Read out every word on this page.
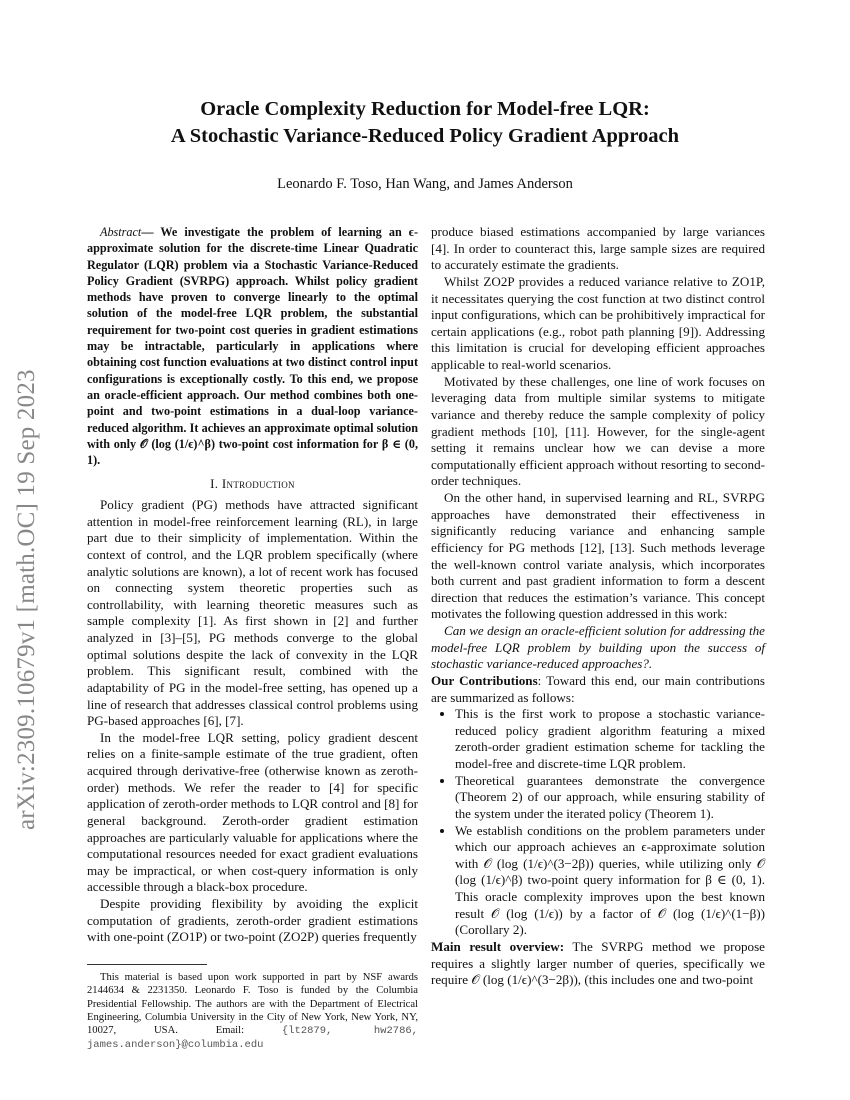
arXiv:2309.10679v1 [math.OC] 19 Sep 2023
Oracle Complexity Reduction for Model-free LQR:
A Stochastic Variance-Reduced Policy Gradient Approach
Leonardo F. Toso, Han Wang, and James Anderson

Abstract— We investigate the problem of learning an ϵ-approximate solution for the discrete-time Linear Quadratic Regulator (LQR) problem via a Stochastic Variance-Reduced Policy Gradient (SVRPG) approach. Whilst policy gradient methods have proven to converge linearly to the optimal solution of the model-free LQR problem, the substantial requirement for two-point cost queries in gradient estimations may be intractable, particularly in applications where obtaining cost function evaluations at two distinct control input configurations is exceptionally costly. To this end, we propose an oracle-efficient approach. Our method combines both one-point and two-point estimations in a dual-loop variance-reduced algorithm. It achieves an approximate optimal solution with only 𝒪 (log (1/ϵ)^β) two-point cost information for β ∈ (0, 1).

I. Introduction

Policy gradient (PG) methods have attracted significant attention in model-free reinforcement learning (RL), in large part due to their simplicity of implementation. Within the context of control, and the LQR problem specifically (where analytic solutions are known), a lot of recent work has focused on connecting system theoretic properties such as controllability, with learning theoretic measures such as sample complexity [1]. As first shown in [2] and further analyzed in [3]–[5], PG methods converge to the global optimal solutions despite the lack of convexity in the LQR problem. This significant result, combined with the adaptability of PG in the model-free setting, has opened up a line of research that addresses classical control problems using PG-based approaches [6], [7].

In the model-free LQR setting, policy gradient descent relies on a finite-sample estimate of the true gradient, often acquired through derivative-free (otherwise known as zeroth-order) methods. We refer the reader to [4] for specific application of zeroth-order methods to LQR control and [8] for general background. Zeroth-order gradient estimation approaches are particularly valuable for applications where the computational resources needed for exact gradient evaluations may be impractical, or when cost-query information is only accessible through a black-box procedure.

Despite providing flexibility by avoiding the explicit computation of gradients, zeroth-order gradient estimations with one-point (ZO1P) or two-point (ZO2P) queries frequently

This material is based upon work supported in part by NSF awards 2144634 & 2231350. Leonardo F. Toso is funded by the Columbia Presidential Fellowship. The authors are with the Department of Electrical Engineering, Columbia University in the City of New York, New York, NY, 10027, USA. Email: {lt2879, hw2786, james.anderson}@columbia.edu

produce biased estimations accompanied by large variances [4]. In order to counteract this, large sample sizes are required to accurately estimate the gradients.

Whilst ZO2P provides a reduced variance relative to ZO1P, it necessitates querying the cost function at two distinct control input configurations, which can be prohibitively impractical for certain applications (e.g., robot path planning [9]). Addressing this limitation is crucial for developing efficient approaches applicable to real-world scenarios.

Motivated by these challenges, one line of work focuses on leveraging data from multiple similar systems to mitigate variance and thereby reduce the sample complexity of policy gradient methods [10], [11]. However, for the single-agent setting it remains unclear how we can devise a more computationally efficient approach without resorting to second-order techniques.

On the other hand, in supervised learning and RL, SVRPG approaches have demonstrated their effectiveness in significantly reducing variance and enhancing sample efficiency for PG methods [12], [13]. Such methods leverage the well-known control variate analysis, which incorporates both current and past gradient information to form a descent direction that reduces the estimation’s variance. This concept motivates the following question addressed in this work:

Can we design an oracle-efficient solution for addressing the model-free LQR problem by building upon the success of stochastic variance-reduced approaches?.

Our Contributions: Toward this end, our main contributions are summarized as follows:

• This is the first work to propose a stochastic variance-reduced policy gradient algorithm featuring a mixed zeroth-order gradient estimation scheme for tackling the model-free and discrete-time LQR problem.
• Theoretical guarantees demonstrate the convergence (Theorem 2) of our approach, while ensuring stability of the system under the iterated policy (Theorem 1).
• We establish conditions on the problem parameters under which our approach achieves an ϵ-approximate solution with 𝒪 (log (1/ϵ)^(3−2β)) queries, while utilizing only 𝒪 (log (1/ϵ)^β) two-point query information for β ∈ (0, 1). This oracle complexity improves upon the best known result 𝒪 (log (1/ϵ)) by a factor of 𝒪 (log (1/ϵ)^(1−β)) (Corollary 2).

Main result overview: The SVRPG method we propose requires a slightly larger number of queries, specifically we require 𝒪 (log (1/ϵ)^(3−2β)), (this includes one and two-point
